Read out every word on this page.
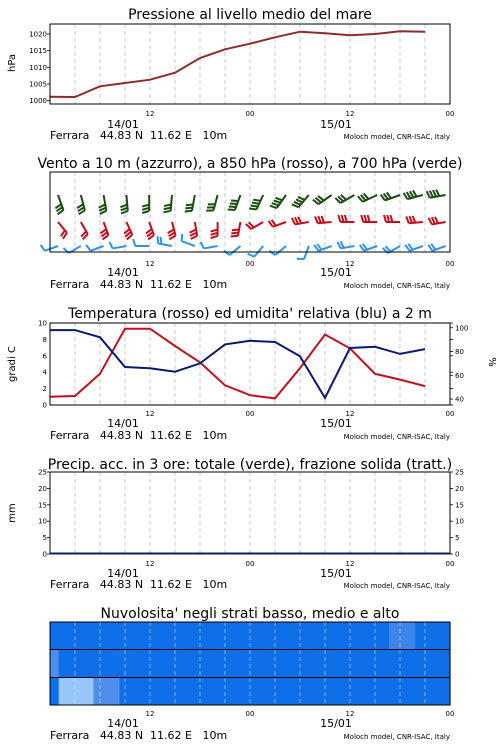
Pressione al livello medio del mare
hPa
1000
1005
1010
1015
1020
12	00	12	00
14/01	15/01
Ferrara   44.83 N  11.62 E   10m	Moloch model, CNR-ISAC, Italy
Vento a 10 m (azzurro), a 850 hPa (rosso), a 700 hPa (verde)
12	00	12	00
14/01	15/01
Ferrara   44.83 N  11.62 E   10m	Moloch model, CNR-ISAC, Italy
Temperatura (rosso) ed umidita' relativa (blu) a 2 m
gradi C	%
0
2
4
6
8
10
40
60
80
100
12	00	12	00
14/01	15/01
Ferrara   44.83 N  11.62 E   10m	Moloch model, CNR-ISAC, Italy
Precip. acc. in 3 ore: totale (verde), frazione solida (tratt.)
mm
0
5
10
15
20
25
0
5
10
15
20
25
12	00	12	00
14/01	15/01
Ferrara   44.83 N  11.62 E   10m	Moloch model, CNR-ISAC, Italy
Nuvolosita' negli strati basso, medio e alto
12	00	12	00
14/01	15/01
Ferrara   44.83 N  11.62 E   10m	Moloch model, CNR-ISAC, Italy
